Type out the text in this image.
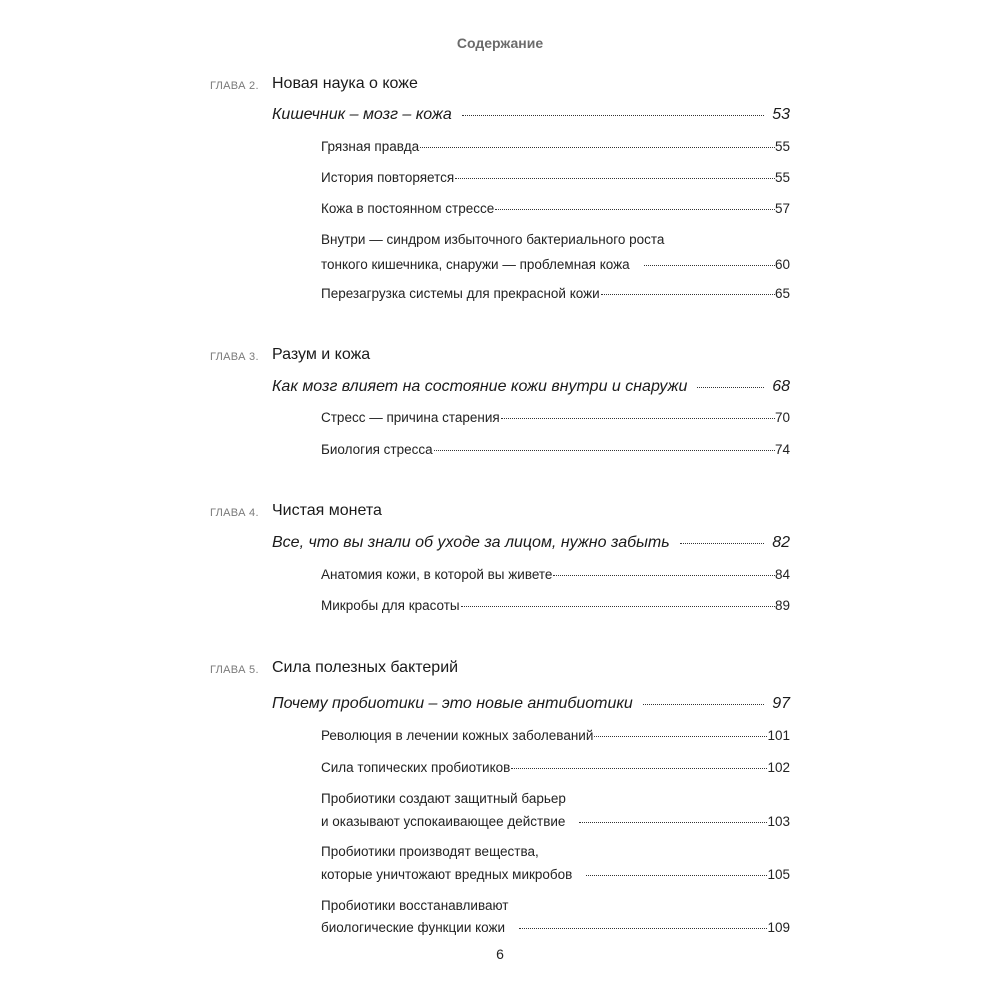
Содержание
ГЛАВА 2. Новая наука о коже
Кишечник – мозг – кожа	53
Грязная правда	55
История повторяется	55
Кожа в постоянном стрессе	57
Внутри — синдром избыточного бактериального роста
тонкого кишечника, снаружи — проблемная кожа	60
Перезагрузка системы для прекрасной кожи	65
ГЛАВА 3. Разум и кожа
Как мозг влияет на состояние кожи внутри и снаружи	68
Стресс — причина старения	70
Биология стресса	74
ГЛАВА 4. Чистая монета
Все, что вы знали об уходе за лицом, нужно забыть	82
Анатомия кожи, в которой вы живете	84
Микробы для красоты	89
ГЛАВА 5. Сила полезных бактерий
Почему пробиотики – это новые антибиотики	97
Революция в лечении кожных заболеваний	101
Сила топических пробиотиков	102
Пробиотики создают защитный барьер
и оказывают успокаивающее действие	103
Пробиотики производят вещества,
которые уничтожают вредных микробов	105
Пробиотики восстанавливают
биологические функции кожи	109
6
